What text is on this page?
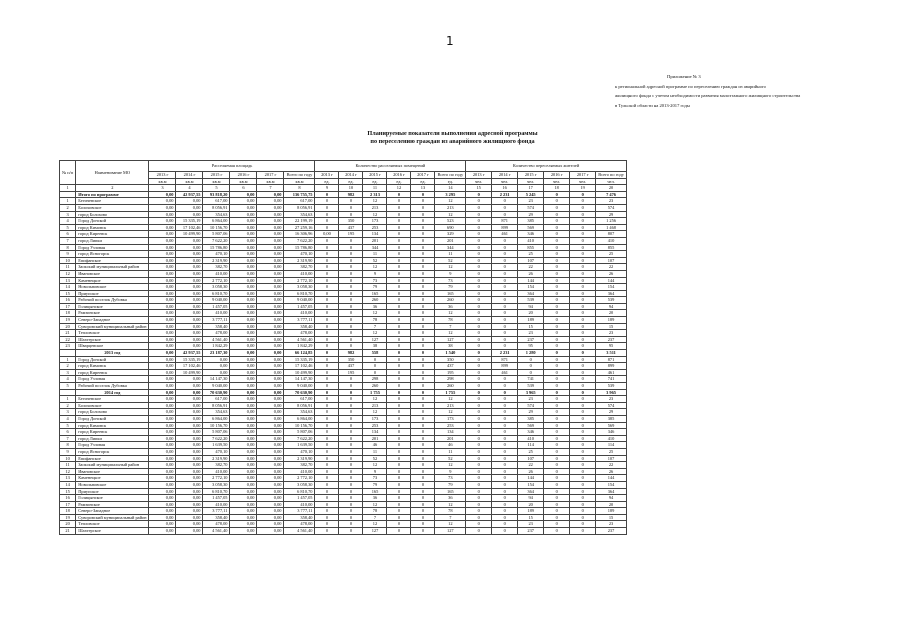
1
Приложение № 3
к региональной адресной программе по переселению граждан из аварийного
жилищного фонда с учетом необходимости развития малоэтажного жилищного строительства
в Тульской области на 2013-2017 годы
Планируемые показатели выполнения адресной программы
по переселению граждан из аварийного жилищного фонда
№ п/п	Наименование МО	Расселяемая площадь						Количество расселяемых помещений						Количество переселяемых жителей					
		2013 г	2014 г	2015 г	2016 г	2017 г	Всего по году	2013 г	2014 г	2015 г	2016 г	2017 г	Всего по году	2013 г	2014 г	2015 г	2016 г	2017 г	Всего по году
		кв.м	кв.м	кв.м	кв.м	кв.м	кв.м	ед.	ед.	ед.	ед.	ед.	ед.	чел.	чел.	чел.	чел.	чел.	чел.
1	2	3	4	5	6	7	8	9	10	11	12	13	14	15	16	17	18	19	20
	Итого по программе	0,00	42 937,55	93 818,20	0,00	0,00	136 755,75	0	982	2 313	0	0	3 295	0	2 231	5 245	0	0	7 476
1	Бегичевское	0,00	0,00	617,00	0,00	0,00	617,00	0	0	12	0	0	12	0	0	23	0	0	23
2	Болоховское	0,00	0,00	8 056,91	0,00	0,00	8 056,91	0	0	213	0	0	213	0	0	574	0	0	574
3	город Болохово	0,00	0,00	354,63	0,00	0,00	354,63	0	0	12	0	0	12	0	0	29	0	0	29
4	Город Донской	0,00	15 335,19	6 864,00	0,00	0,00	22 199,19	0	350	173	0	0	523	0	871	385	0	0	1 256
5	город Кимовск	0,00	17 102,46	10 156,70	0,00	0,00	27 259,16	0	437	253	0	0	690	0	899	569	0	0	1 468
6	город Киреевск	0,00	10 499,90	5 807,06	0,00	0,00	16 306,96	0,00	195	134	0	0	329	0	461	346	0	0	807
7	город Липки	0,00	0,00	7 622,20	0,00	0,00	7 622,20	0	0	201	0	0	201	0	0	410	0	0	410
8	Город Узловая	0,00	0,00	15 786,80	0,00	0,00	15 786,80	0	0	344	0	0	344	0	0	855	0	0	855
9	город Ясногорск	0,00	0,00	470,10	0,00	0,00	470,10	0	0	11	0	0	11	0	0	25	0	0	25
10	Епифанское	0,00	0,00	2 319,90	0,00	0,00	2 319,90	0	0	52	0	0	52	0	0	107	0	0	107
11	Заокский муниципальный район	0,00	0,00	382,70	0,00	0,00	382,70	0	0	12	0	0	12	0	0	22	0	0	22
12	Ивановское	0,00	0,00	410,00	0,00	0,00	410,00	0	0	9	0	0	9	0	0	26	0	0	26
13	Каменецкое	0,00	0,00	2 772,10	0,00	0,00	2 772,10	0	0	73	0	0	73	0	0	144	0	0	144
14	Новольвовское	0,00	0,00	3 058,30	0,00	0,00	3 058,30	0	0	79	0	0	79	0	0	154	0	0	154
15	Приупское	0,00	0,00	6 810,70	0,00	0,00	6 810,70	0	0	165	0	0	165	0	0	364	0	0	364
16	Рабочий поселок Дубовка	0,00	0,00	9 040,00	0,00	0,00	9 040,00	0	0	260	0	0	260	0	0	539	0	0	539
17	Голицынское	0,00	0,00	1 457,05	0,00	0,00	1 457,05	0	0	36	0	0	36	0	0	94	0	0	94
18	Рамзинское	0,00	0,00	410,00	0,00	0,00	410,00	0	0	12	0	0	12	0	0	20	0	0	20
19	Северо-Западное	0,00	0,00	3 777,11	0,00	0,00	3 777,11	0	0	78	0	0	78	0	0	189	0	0	189
20	Суворовский муниципальный район	0,00	0,00	358,40	0,00	0,00	358,40	0	0	7	0	0	7	0	0	15	0	0	15
21	Тепловское	0,00	0,00	478,00	0,00	0,00	478,00	0	0	12	0	0	12	0	0	23	0	0	23
22	Шахтерское	0,00	0,00	4 561,40	0,00	0,00	4 561,40	0	0	127	0	0	127	0	0	237	0	0	237
23	Шварцевское	0,00	0,00	1 842,29	0,00	0,00	1 842,29	0	0	38	0	0	38	0	0	95	0	0	95
	2013 год	0,00	42 937,55	23 187,30	0,00	0,00	66 124,85	0	982	558	0	0	1 540	0	2 231	1 280	0	0	3 511
1	Город Донской	0,00	15 335,19	0,00	0,00	0,00	15 335,19	0	350	0	0	0	350	0	871	0	0	0	871
2	город Кимовск	0,00	17 102,46	0,00	0,00	0,00	17 102,46	0	437	0	0	0	437	0	899	0	0	0	899
3	город Киреевск	0,00	10 499,90	0,00	0,00	0,00	10 499,90	0	195	0	0	0	195	0	461	0	0	0	461
4	Город Узловая	0,00	0,00	14 147,30	0,00	0,00	14 147,30	0	0	298	0	0	298	0	0	741	0	0	741
5	Рабочий поселок Дубовка	0,00	0,00	9 040,00	0,00	0,00	9 040,00	0	0	260	0	0	260	0	0	539	0	0	539
	2014 год	0,00	0,00	70 630,90	0,00	0,00	70 630,90	0	0	1 755	0	0	1 755	0	0	3 965	0	0	3 965
1	Бегичевское	0,00	0,00	617,00	0,00	0,00	617,00	0	0	12	0	0	12	0	0	23	0	0	23
2	Болоховское	0,00	0,00	8 056,91	0,00	0,00	8 056,91	0	0	213	0	0	213	0	0	574	0	0	574
3	город Болохово	0,00	0,00	354,63	0,00	0,00	354,63	0	0	12	0	0	12	0	0	29	0	0	29
4	Город Донской	0,00	0,00	6 864,00	0,00	0,00	6 864,00	0	0	173	0	0	173	0	0	385	0	0	385
5	город Кимовск	0,00	0,00	10 156,70	0,00	0,00	10 156,70	0	0	253	0	0	253	0	0	569	0	0	569
6	город Киреевск	0,00	0,00	5 807,06	0,00	0,00	5 807,06	0	0	134	0	0	134	0	0	346	0	0	346
7	город Липки	0,00	0,00	7 622,20	0,00	0,00	7 622,20	0	0	201	0	0	201	0	0	410	0	0	410
8	Город Узловая	0,00	0,00	1 639,50	0,00	0,00	1 639,50	0	0	46	0	0	46	0	0	114	0	0	114
9	город Ясногорск	0,00	0,00	470,10	0,00	0,00	470,10	0	0	11	0	0	11	0	0	25	0	0	25
10	Епифанское	0,00	0,00	2 319,90	0,00	0,00	2 319,90	0	0	52	0	0	52	0	0	107	0	0	107
11	Заокский муниципальный район	0,00	0,00	382,70	0,00	0,00	382,70	0	0	12	0	0	12	0	0	22	0	0	22
12	Ивановское	0,00	0,00	410,00	0,00	0,00	410,00	0	0	9	0	0	9	0	0	26	0	0	26
13	Каменецкое	0,00	0,00	2 772,10	0,00	0,00	2 772,10	0	0	73	0	0	73	0	0	144	0	0	144
14	Новольвовское	0,00	0,00	3 058,30	0,00	0,00	3 058,30	0	0	79	0	0	79	0	0	154	0	0	154
15	Приупское	0,00	0,00	6 810,70	0,00	0,00	6 810,70	0	0	165	0	0	165	0	0	364	0	0	364
16	Голицынское	0,00	0,00	1 457,05	0,00	0,00	1 457,05	0	0	36	0	0	36	0	0	94	0	0	94
17	Рамзинское	0,00	0,00	410,00	0,00	0,00	410,00	0	0	12	0	0	12	0	0	20	0	0	20
18	Северо-Западное	0,00	0,00	3 777,11	0,00	0,00	3 777,11	0	0	78	0	0	78	0	0	189	0	0	189
19	Суворовский муниципальный район	0,00	0,00	358,40	0,00	0,00	358,40	0	0	7	0	0	7	0	0	15	0	0	15
20	Тепловское	0,00	0,00	478,00	0,00	0,00	478,00	0	0	12	0	0	12	0	0	23	0	0	23
21	Шахтерское	0,00	0,00	4 561,40	0,00	0,00	4 561,40	0	0	127	0	0	127	0	0	237	0	0	237
